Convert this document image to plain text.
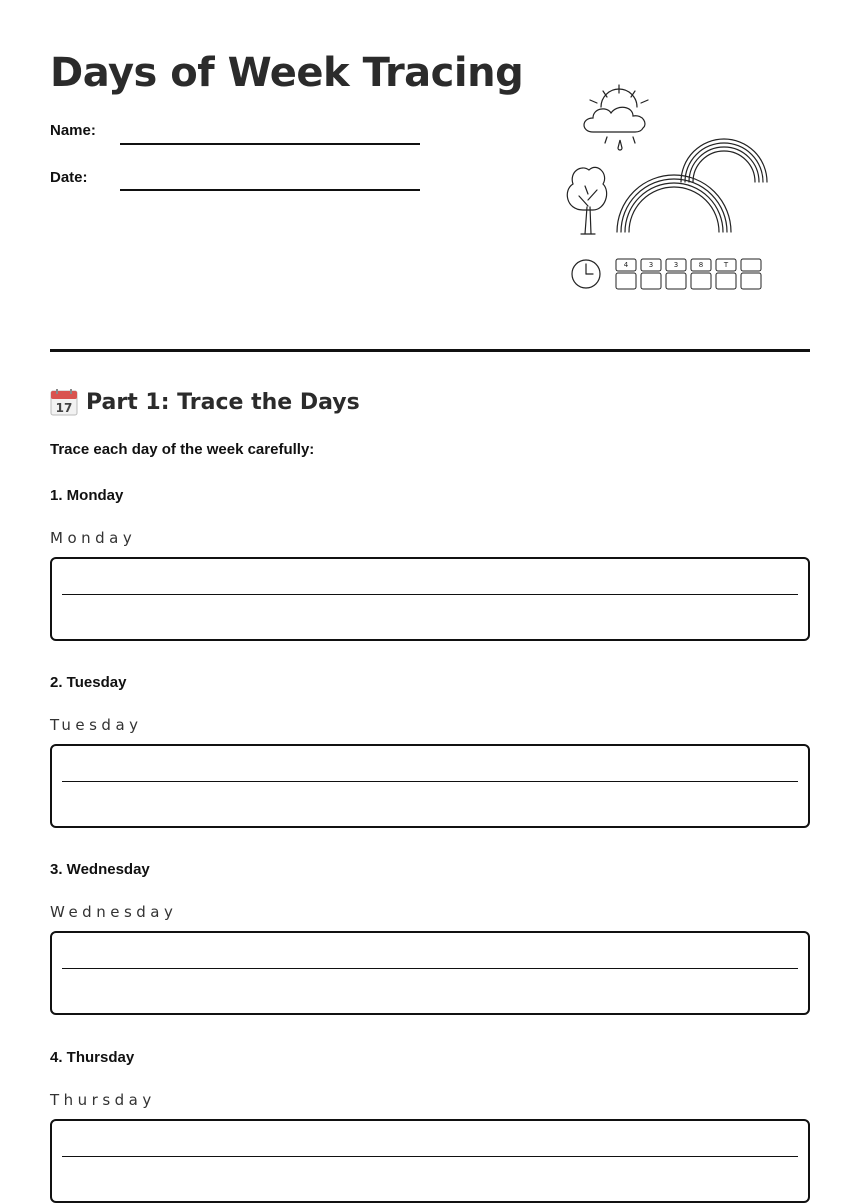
Days of Week Tracing
Name:
Date:
4	3	3	8	T
17 Part 1: Trace the Days
Trace each day of the week carefully:
1. Monday
Monday
2. Tuesday
Tuesday
3. Wednesday
Wednesday
4. Thursday
Thursday
